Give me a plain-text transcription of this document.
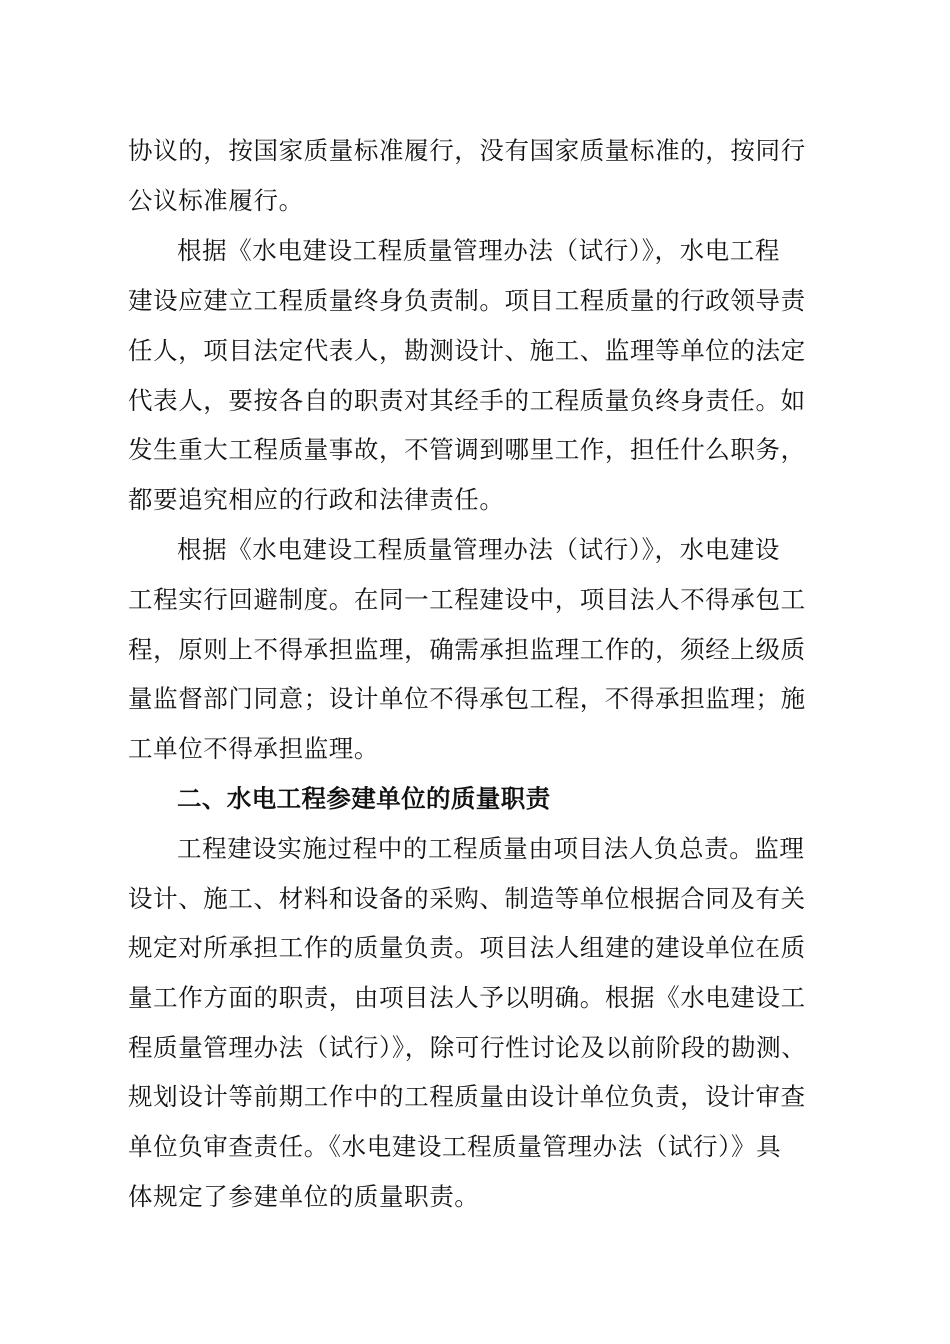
协议的，按国家质量标准履行，没有国家质量标准的，按同行
公议标准履行。
根据《水电建设工程质量管理办法（试行）》，水电工程
建设应建立工程质量终身负责制。项目工程质量的行政领导责
任人，项目法定代表人，勘测设计、施工、监理等单位的法定
代表人，要按各自的职责对其经手的工程质量负终身责任。如
发生重大工程质量事故，不管调到哪里工作，担任什么职务，
都要追究相应的行政和法律责任。
根据《水电建设工程质量管理办法（试行）》，水电建设
工程实行回避制度。在同一工程建设中，项目法人不得承包工
程，原则上不得承担监理，确需承担监理工作的，须经上级质
量监督部门同意；设计单位不得承包工程，不得承担监理；施
工单位不得承担监理。
二、水电工程参建单位的质量职责
工程建设实施过程中的工程质量由项目法人负总责。监理
设计、施工、材料和设备的采购、制造等单位根据合同及有关
规定对所承担工作的质量负责。项目法人组建的建设单位在质
量工作方面的职责，由项目法人予以明确。根据《水电建设工
程质量管理办法（试行）》，除可行性讨论及以前阶段的勘测、
规划设计等前期工作中的工程质量由设计单位负责，设计审查
单位负审查责任。《水电建设工程质量管理办法（试行）》具
体规定了参建单位的质量职责。
